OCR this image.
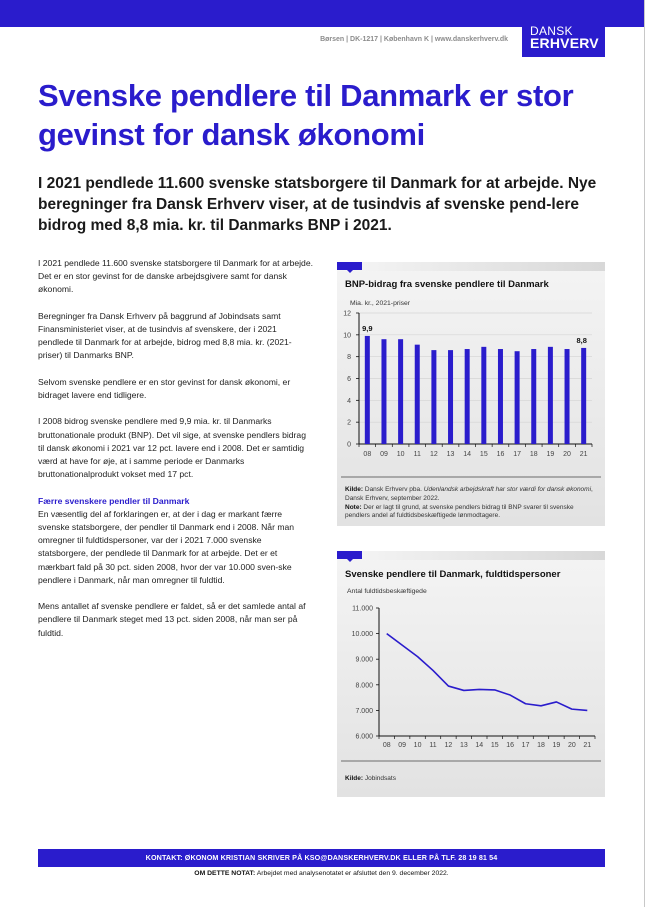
DANSK
ERHVERV
Børsen | DK-1217 | København K | www.danskerhverv.dk
Svenske pendlere til Danmark er stor gevinst for dansk økonomi
I 2021 pendlede 11.600 svenske statsborgere til Danmark for at arbejde. Nye beregninger fra Dansk Erhverv viser, at de tusindvis af svenske pend-lere bidrog med 8,8 mia. kr. til Danmarks BNP i 2021.

I 2021 pendlede 11.600 svenske statsborgere til Danmark for at arbejde. Det er en stor gevinst for de danske arbejdsgivere samt for dansk økonomi.

Beregninger fra Dansk Erhverv på baggrund af Jobindsats samt Finansministeriet viser, at de tusindvis af svenskere, der i 2021 pendlede til Danmark for at arbejde, bidrog med 8,8 mia. kr. (2021-priser) til Danmarks BNP.

Selvom svenske pendlere er en stor gevinst for dansk økonomi, er bidraget lavere end tidligere.

I 2008 bidrog svenske pendlere med 9,9 mia. kr. til Danmarks bruttonationale produkt (BNP). Det vil sige, at svenske pendlers bidrag til dansk økonomi i 2021 var 12 pct. lavere end i 2008. Det er samtidig værd at have for øje, at i samme periode er Danmarks bruttonationalprodukt vokset med 17 pct.

Færre svenskere pendler til Danmark

En væsentlig del af forklaringen er, at der i dag er markant færre svenske statsborgere, der pendler til Danmark end i 2008. Når man omregner til fuldtidspersoner, var der i 2021 7.000 svenske statsborgere, der pendlede til Danmark for at arbejde. Det er et mærkbart fald på 30 pct. siden 2008, hvor der var 10.000 sven-ske pendlere i Danmark, når man omregner til fuldtid.

Mens antallet af svenske pendlere er faldet, så er det samlede antal af pendlere til Danmark steget med 13 pct. siden 2008, når man ser på fuldtid.

BNP-bidrag fra svenske pendlere til Danmark
Mia. kr., 2021-priser
0
2
4
6
8
10
12
08
9,9
09 10 11 12 13 14 15 16 17 18 19 20 21
8,8
Kilde: Dansk Erhverv pba. Udenlandsk arbejdskraft har stor værdi for dansk økonomi, Dansk Erhverv, september 2022.
Note: Der er lagt til grund, at svenske pendlers bidrag til BNP svarer til svenske pendlers andel af fuldtidsbeskæftigede lønmodtagere.
Svenske pendlere til Danmark, fuldtidspersoner
Antal fuldtidsbeskæftigede
6.000
7.000
8.000
9.000
10.000
11.000
08 09 10 11 12 13 14 15 16 17 18 19 20 21
Kilde: Jobindsats
KONTAKT: ØKONOM KRISTIAN SKRIVER PÅ KSO@DANSKERHVERV.DK ELLER PÅ TLF. 28 19 81 54
OM DETTE NOTAT: Arbejdet med analysenotatet er afsluttet den 9. december 2022.
